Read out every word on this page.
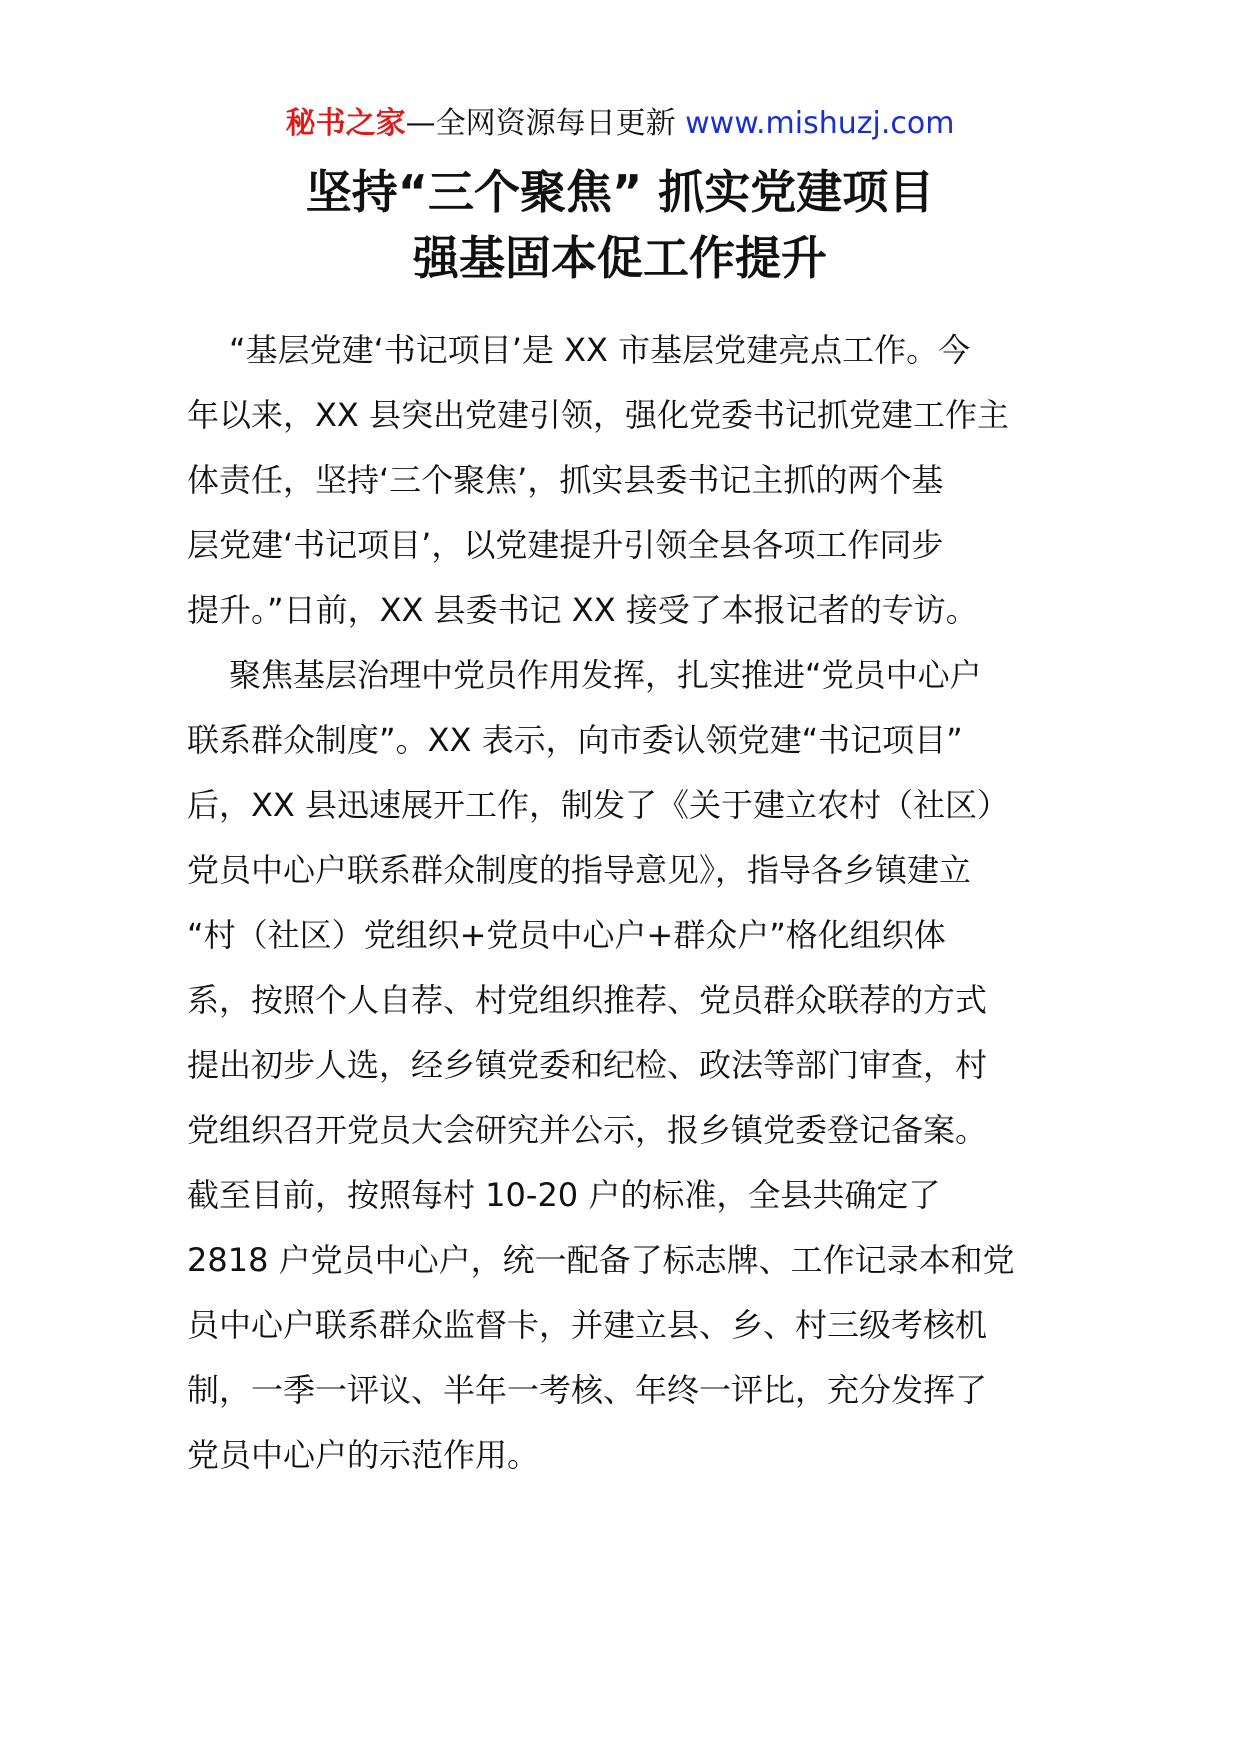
秘书之家—全网资源每日更新 www.mishuzj.com
坚持“三个聚焦” 抓实党建项目
强基固本促工作提升
“基层党建‘书记项目’是 XX 市基层党建亮点工作。今
年以来，XX 县突出党建引领，强化党委书记抓党建工作主
体责任，坚持‘三个聚焦’，抓实县委书记主抓的两个基
层党建‘书记项目’，以党建提升引领全县各项工作同步
提升。”日前，XX 县委书记 XX 接受了本报记者的专访。
聚焦基层治理中党员作用发挥，扎实推进“党员中心户
联系群众制度”。XX 表示，向市委认领党建“书记项目”
后，XX 县迅速展开工作，制发了《关于建立农村（社区）
党员中心户联系群众制度的指导意见》，指导各乡镇建立
“村（社区）党组织+党员中心户+群众户”格化组织体
系，按照个人自荐、村党组织推荐、党员群众联荐的方式
提出初步人选，经乡镇党委和纪检、政法等部门审查，村
党组织召开党员大会研究并公示，报乡镇党委登记备案。
截至目前，按照每村 10-20 户的标准，全县共确定了
2818 户党员中心户，统一配备了标志牌、工作记录本和党
员中心户联系群众监督卡，并建立县、乡、村三级考核机
制，一季一评议、半年一考核、年终一评比，充分发挥了
党员中心户的示范作用。
